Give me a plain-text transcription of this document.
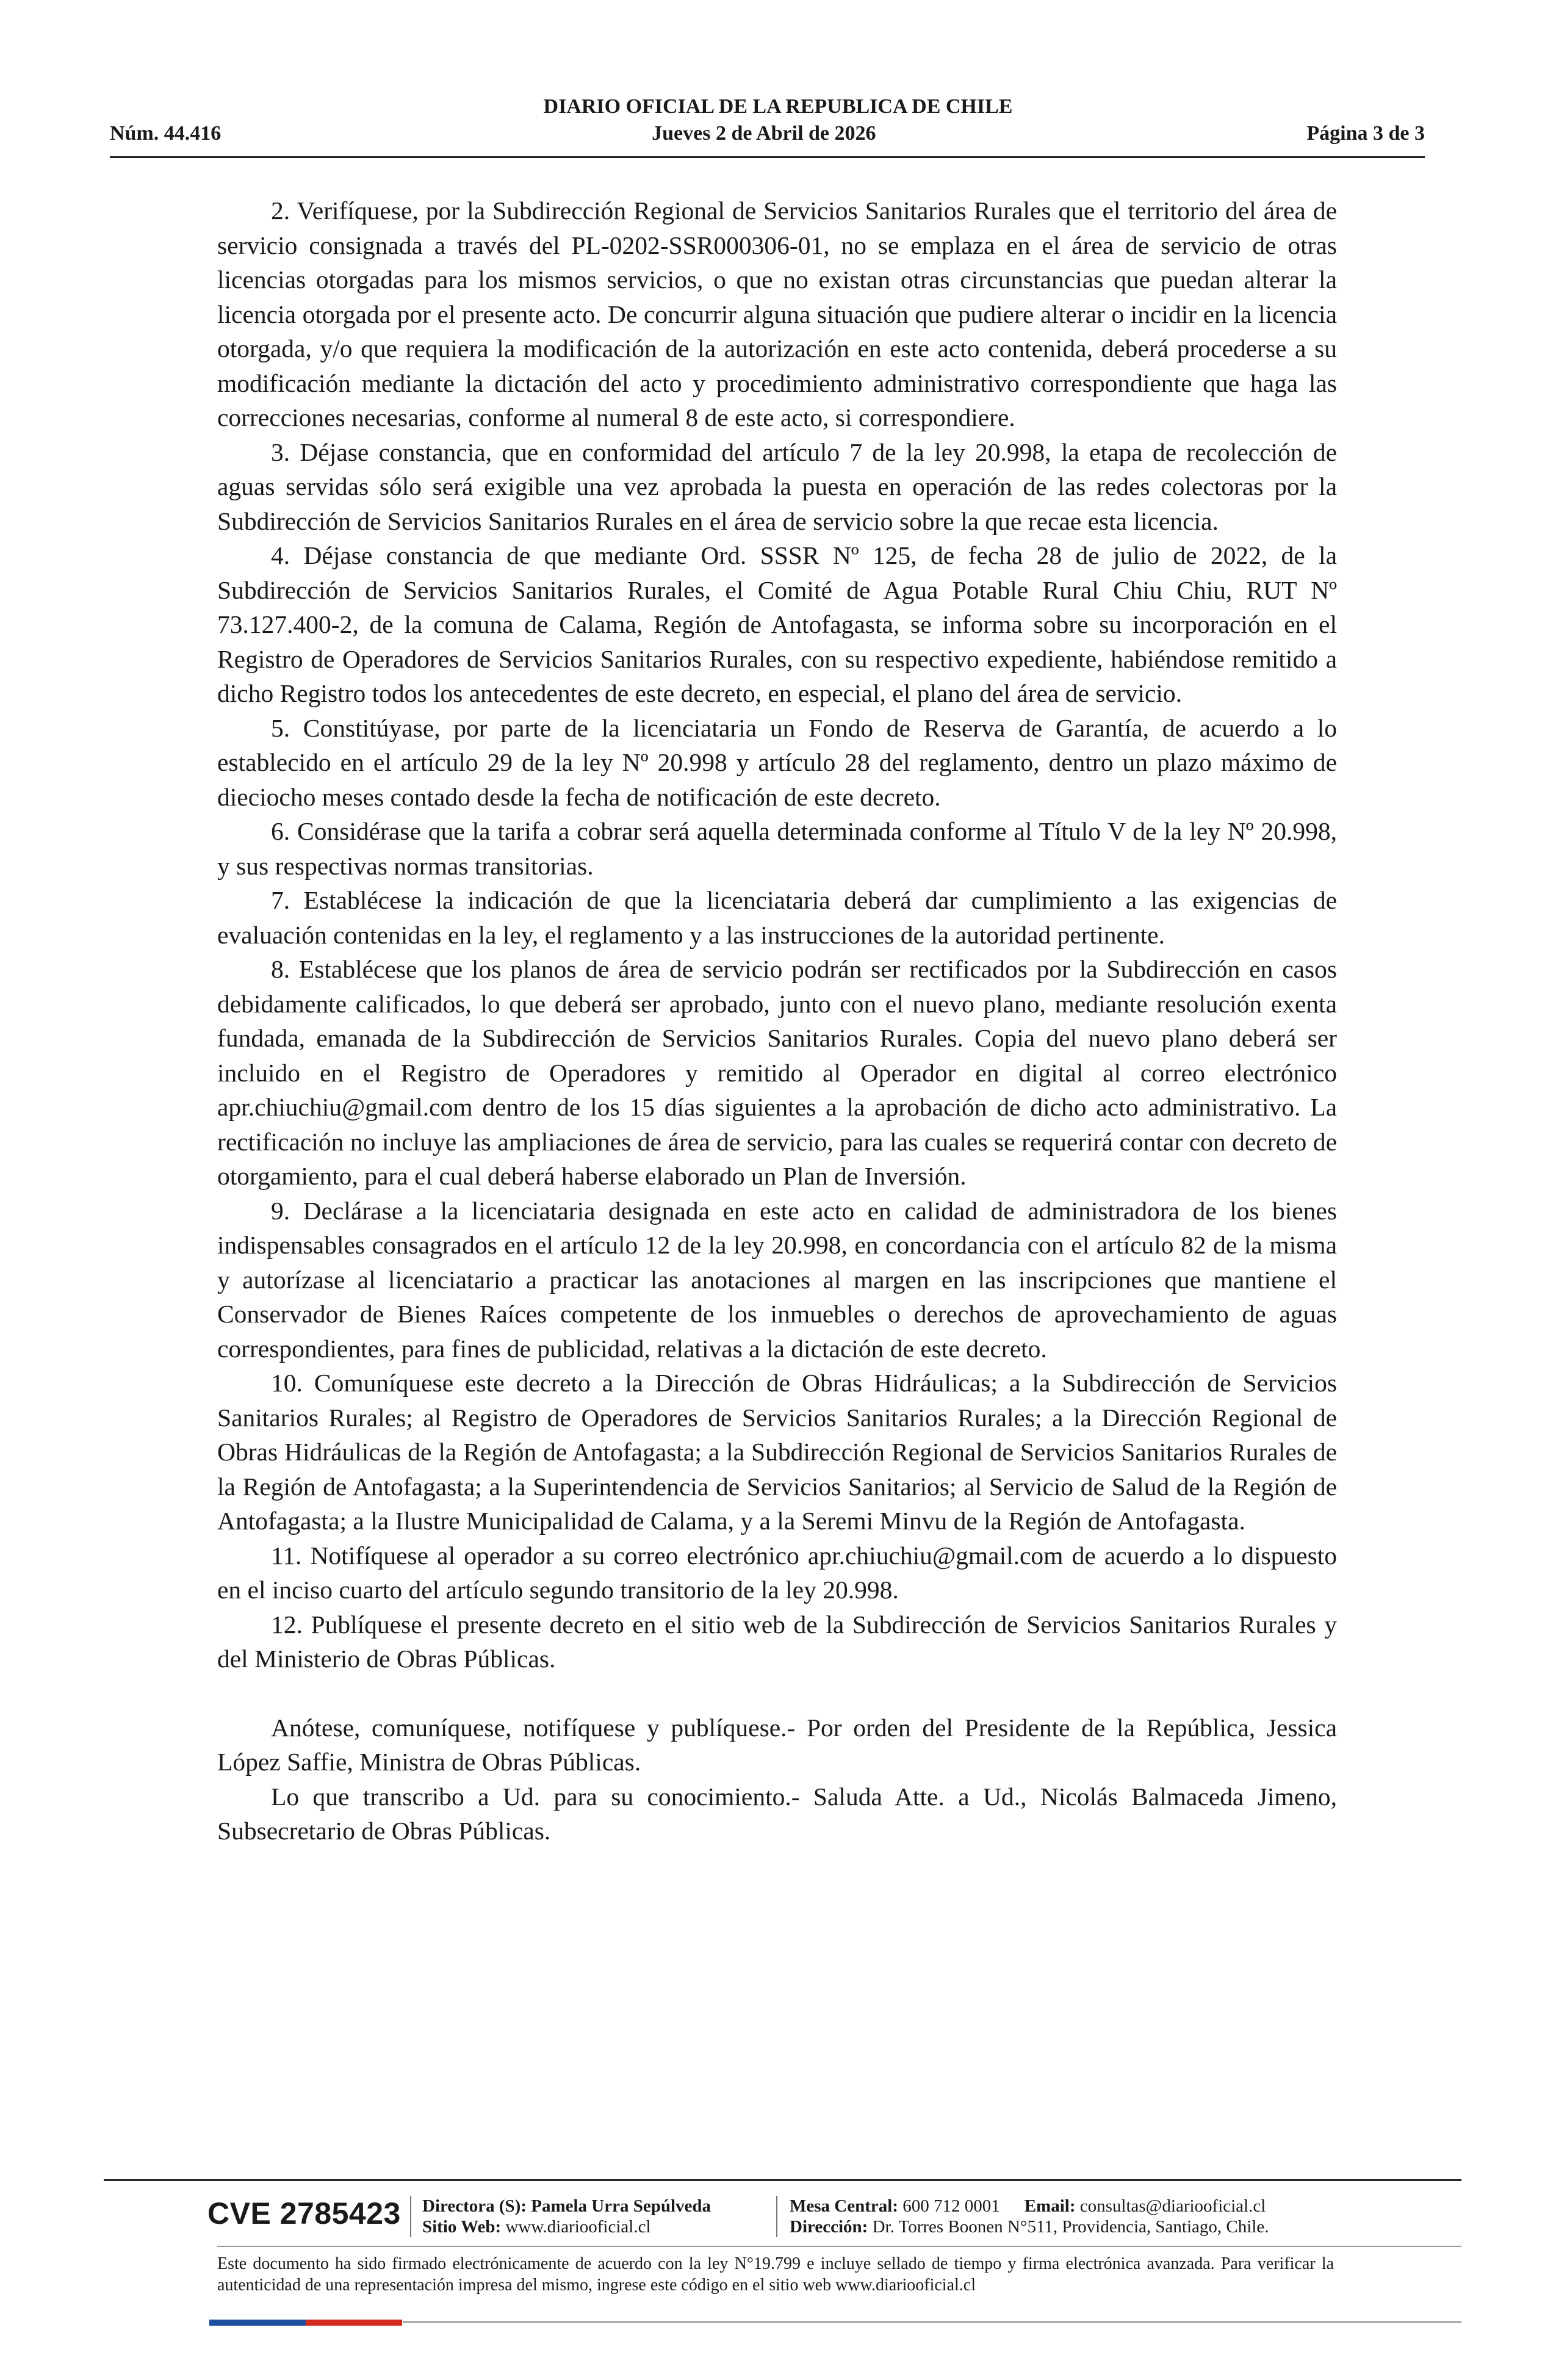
DIARIO OFICIAL DE LA REPUBLICA DE CHILE
Núm. 44.416	Jueves 2 de Abril de 2026	Página 3 de 3

2. Verifíquese, por la Subdirección Regional de Servicios Sanitarios Rurales que el territorio del área de servicio consignada a través del PL-0202-SSR000306-01, no se emplaza en el área de servicio de otras licencias otorgadas para los mismos servicios, o que no existan otras circunstancias que puedan alterar la licencia otorgada por el presente acto. De concurrir alguna situación que pudiere alterar o incidir en la licencia otorgada, y/o que requiera la modificación de la autorización en este acto contenida, deberá procederse a su modificación mediante la dictación del acto y procedimiento administrativo correspondiente que haga las correcciones necesarias, conforme al numeral 8 de este acto, si correspondiere.

3. Déjase constancia, que en conformidad del artículo 7 de la ley 20.998, la etapa de recolección de aguas servidas sólo será exigible una vez aprobada la puesta en operación de las redes colectoras por la Subdirección de Servicios Sanitarios Rurales en el área de servicio sobre la que recae esta licencia.

4. Déjase constancia de que mediante Ord. SSSR Nº 125, de fecha 28 de julio de 2022, de la Subdirección de Servicios Sanitarios Rurales, el Comité de Agua Potable Rural Chiu Chiu, RUT Nº 73.127.400-2, de la comuna de Calama, Región de Antofagasta, se informa sobre su incorporación en el Registro de Operadores de Servicios Sanitarios Rurales, con su respectivo expediente, habiéndose remitido a dicho Registro todos los antecedentes de este decreto, en especial, el plano del área de servicio.

5. Constitúyase, por parte de la licenciataria un Fondo de Reserva de Garantía, de acuerdo a lo establecido en el artículo 29 de la ley Nº 20.998 y artículo 28 del reglamento, dentro un plazo máximo de dieciocho meses contado desde la fecha de notificación de este decreto.

6. Considérase que la tarifa a cobrar será aquella determinada conforme al Título V de la ley Nº 20.998, y sus respectivas normas transitorias.

7. Establécese la indicación de que la licenciataria deberá dar cumplimiento a las exigencias de evaluación contenidas en la ley, el reglamento y a las instrucciones de la autoridad pertinente.

8. Establécese que los planos de área de servicio podrán ser rectificados por la Subdirección en casos debidamente calificados, lo que deberá ser aprobado, junto con el nuevo plano, mediante resolución exenta fundada, emanada de la Subdirección de Servicios Sanitarios Rurales. Copia del nuevo plano deberá ser incluido en el Registro de Operadores y remitido al Operador en digital al correo electrónico apr.chiuchiu@gmail.com dentro de los 15 días siguientes a la aprobación de dicho acto administrativo. La rectificación no incluye las ampliaciones de área de servicio, para las cuales se requerirá contar con decreto de otorgamiento, para el cual deberá haberse elaborado un Plan de Inversión.

9. Declárase a la licenciataria designada en este acto en calidad de administradora de los bienes indispensables consagrados en el artículo 12 de la ley 20.998, en concordancia con el artículo 82 de la misma y autorízase al licenciatario a practicar las anotaciones al margen en las inscripciones que mantiene el Conservador de Bienes Raíces competente de los inmuebles o derechos de aprovechamiento de aguas correspondientes, para fines de publicidad, relativas a la dictación de este decreto.

10. Comuníquese este decreto a la Dirección de Obras Hidráulicas; a la Subdirección de Servicios Sanitarios Rurales; al Registro de Operadores de Servicios Sanitarios Rurales; a la Dirección Regional de Obras Hidráulicas de la Región de Antofagasta; a la Subdirección Regional de Servicios Sanitarios Rurales de la Región de Antofagasta; a la Superintendencia de Servicios Sanitarios; al Servicio de Salud de la Región de Antofagasta; a la Ilustre Municipalidad de Calama, y a la Seremi Minvu de la Región de Antofagasta.

11. Notifíquese al operador a su correo electrónico apr.chiuchiu@gmail.com de acuerdo a lo dispuesto en el inciso cuarto del artículo segundo transitorio de la ley 20.998.

12. Publíquese el presente decreto en el sitio web de la Subdirección de Servicios Sanitarios Rurales y del Ministerio de Obras Públicas.

Anótese, comuníquese, notifíquese y publíquese.- Por orden del Presidente de la República, Jessica López Saffie, Ministra de Obras Públicas.

Lo que transcribo a Ud. para su conocimiento.- Saluda Atte. a Ud., Nicolás Balmaceda Jimeno, Subsecretario de Obras Públicas.

CVE 2785423 Directora (S):
Pamela Urra Sepúlveda
Sitio Web:
www.diariooficial.cl
Mesa Central:
600 712 0001 Email:
consultas@diariooficial.cl
Dirección:
Dr. Torres Boonen N°511, Providencia, Santiago, Chile.
Este documento ha sido firmado electrónicamente de acuerdo con la ley N°19.799 e incluye sellado de tiempo y firma electrónica avanzada. Para verificar la autenticidad de una representación impresa del mismo, ingrese este código en el sitio web www.diariooficial.cl
